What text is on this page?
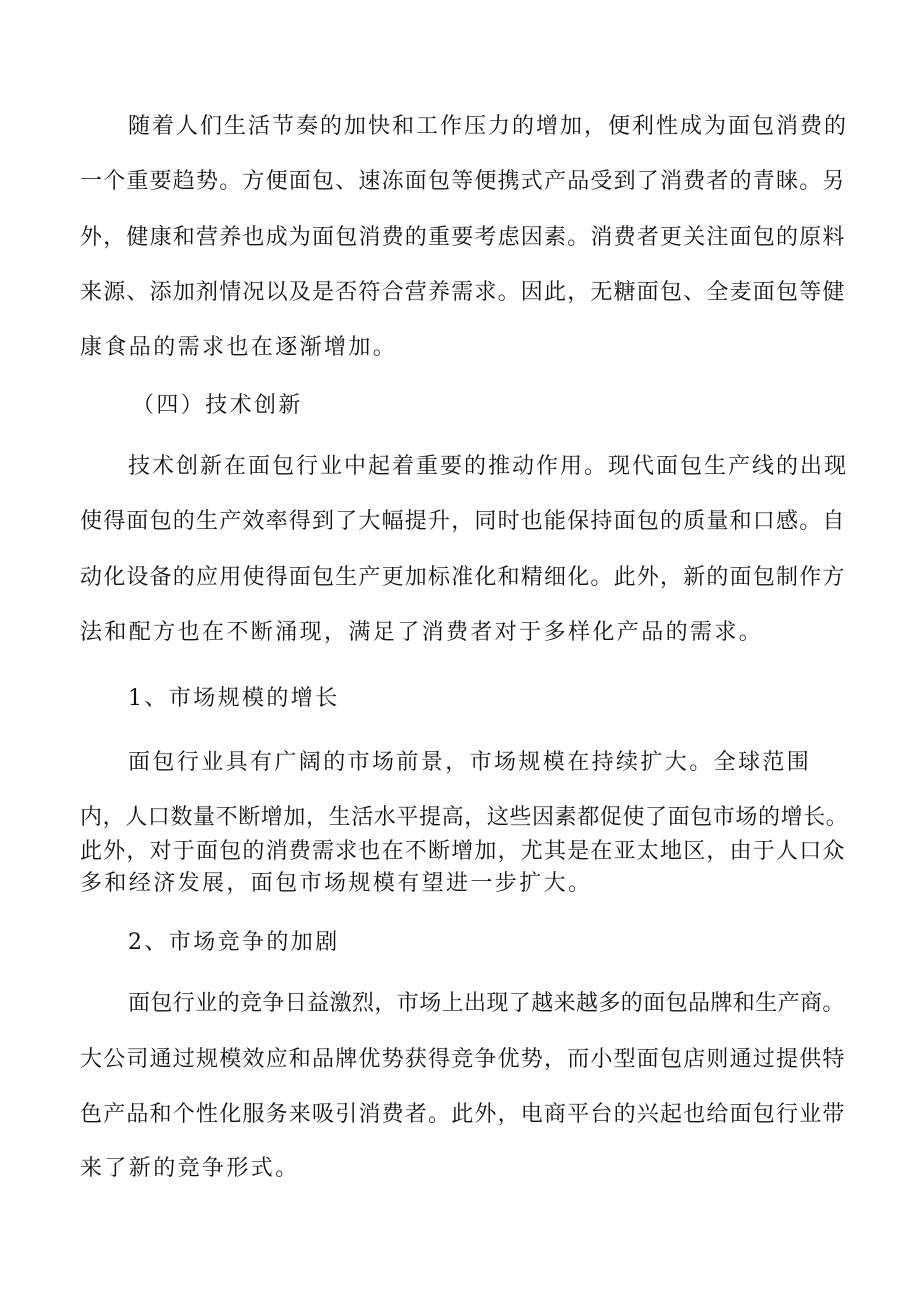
随着人们生活节奏的加快和工作压力的增加，便利性成为面包消费的
一个重要趋势。方便面包、速冻面包等便携式产品受到了消费者的青睐。另
外，健康和营养也成为面包消费的重要考虑因素。消费者更关注面包的原料
来源、添加剂情况以及是否符合营养需求。因此，无糖面包、全麦面包等健
康食品的需求也在逐渐增加。
（四）技术创新
技术创新在面包行业中起着重要的推动作用。现代面包生产线的出现
使得面包的生产效率得到了大幅提升，同时也能保持面包的质量和口感。自
动化设备的应用使得面包生产更加标准化和精细化。此外，新的面包制作方
法和配方也在不断涌现，满足了消费者对于多样化产品的需求。
1、市场规模的增长
面包行业具有广阔的市场前景，市场规模在持续扩大。全球范围
内，人口数量不断增加，生活水平提高，这些因素都促使了面包市场的增长。
此外，对于面包的消费需求也在不断增加，尤其是在亚太地区，由于人口众
多和经济发展，面包市场规模有望进一步扩大。
2、市场竞争的加剧
面包行业的竞争日益激烈，市场上出现了越来越多的面包品牌和生产商。
大公司通过规模效应和品牌优势获得竞争优势，而小型面包店则通过提供特
色产品和个性化服务来吸引消费者。此外，电商平台的兴起也给面包行业带
来了新的竞争形式。
